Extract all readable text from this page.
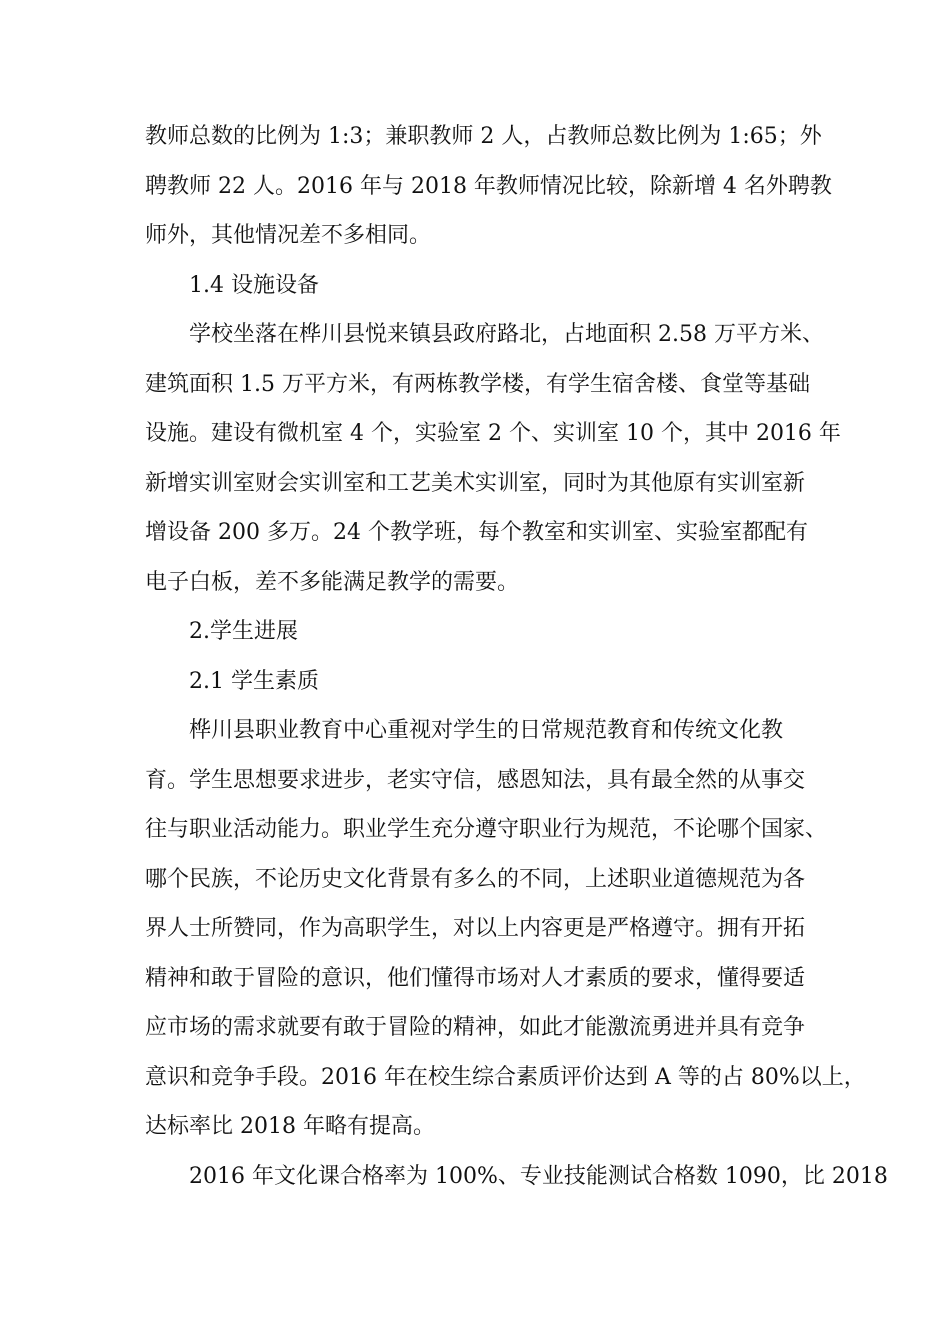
教师总数的比例为 1:3；兼职教师 2 人，占教师总数比例为 1:65；外
聘教师 22 人。2016 年与 2018 年教师情况比较，除新增 4 名外聘教
师外，其他情况差不多相同。
1.4 设施设备
学校坐落在桦川县悦来镇县政府路北，占地面积 2.58 万平方米、
建筑面积 1.5 万平方米，有两栋教学楼，有学生宿舍楼、食堂等基础
设施。建设有微机室 4 个，实验室 2 个、实训室 10 个，其中 2016 年
新增实训室财会实训室和工艺美术实训室，同时为其他原有实训室新
增设备 200 多万。24 个教学班，每个教室和实训室、实验室都配有
电子白板，差不多能满足教学的需要。
2.学生进展
2.1 学生素质
桦川县职业教育中心重视对学生的日常规范教育和传统文化教
育。学生思想要求进步，老实守信，感恩知法，具有最全然的从事交
往与职业活动能力。职业学生充分遵守职业行为规范，不论哪个国家、
哪个民族，不论历史文化背景有多么的不同，上述职业道德规范为各
界人士所赞同，作为高职学生，对以上内容更是严格遵守。拥有开拓
精神和敢于冒险的意识，他们懂得市场对人才素质的要求，懂得要适
应市场的需求就要有敢于冒险的精神，如此才能激流勇进并具有竞争
意识和竞争手段。2016 年在校生综合素质评价达到 A 等的占 80%以上，
达标率比 2018 年略有提高。
2016 年文化课合格率为 100%、专业技能测试合格数 1090，比 2018
